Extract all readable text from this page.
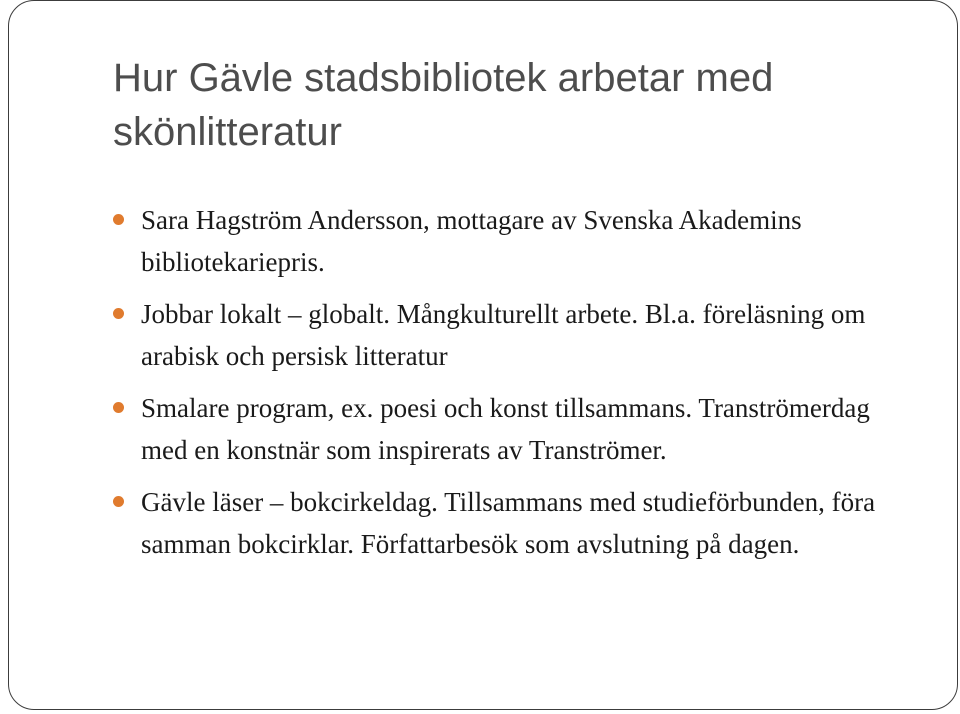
Hur Gävle stadsbibliotek arbetar med skönlitteratur
Sara Hagström Andersson, mottagare av Svenska Akademins bibliotekariepris.
Jobbar lokalt – globalt. Mångkulturellt arbete. Bl.a. föreläsning om arabisk och persisk litteratur
Smalare program, ex. poesi och konst tillsammans. Tranströmerdag med en konstnär som inspirerats av Tranströmer.
Gävle läser – bokcirkeldag. Tillsammans med studieförbunden, föra samman bokcirklar. Författarbesök som avslutning på dagen.
